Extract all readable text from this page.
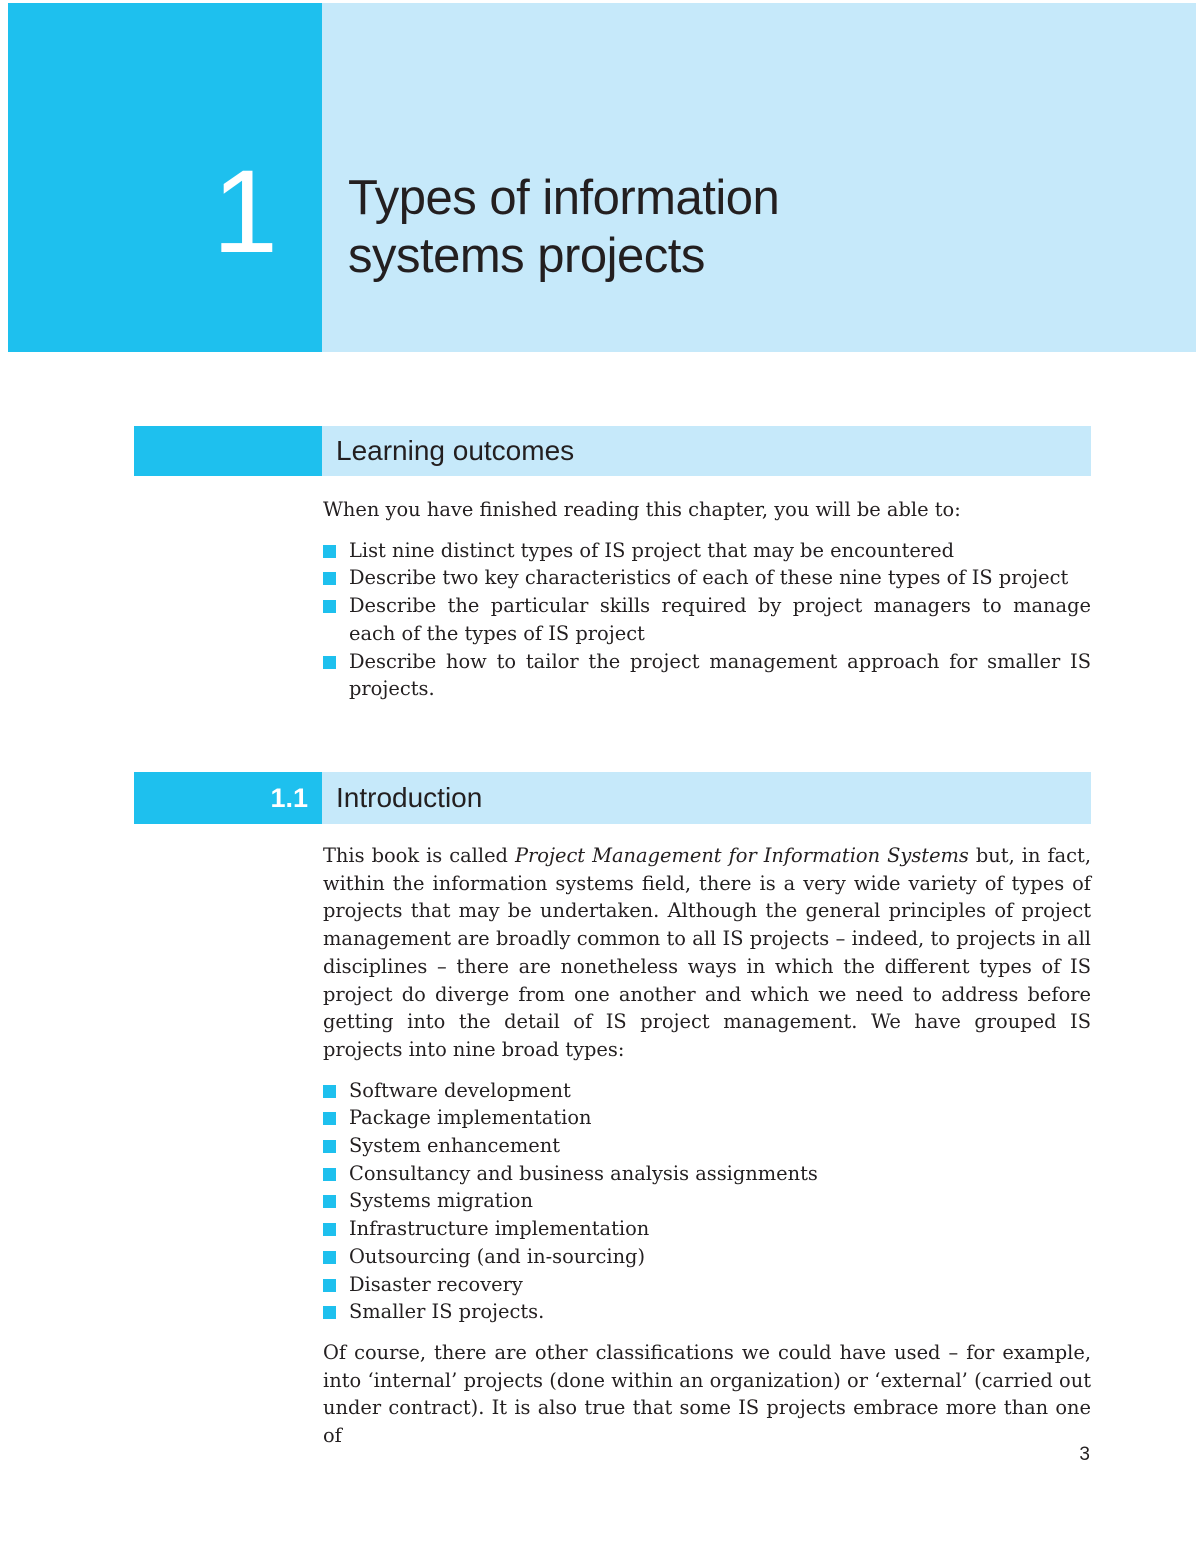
1 Types of information
systems projects
Learning outcomes

When you have finished reading this chapter, you will be able to:

List nine distinct types of IS project that may be encountered
Describe two key characteristics of each of these nine types of IS project
Describe the particular skills required by project managers to manage each of the types of IS project
Describe how to tailor the project management approach for smaller IS projects.
1.1 Introduction

This book is called Project Management for Information Systems but, in fact, within the information systems field, there is a very wide variety of types of projects that may be undertaken. Although the general principles of project management are broadly common to all IS projects – indeed, to projects in all disciplines – there are nonetheless ways in which the different types of IS project do diverge from one another and which we need to address before getting into the detail of IS project management. We have grouped IS projects into nine broad types:

Software development
Package implementation
System enhancement
Consultancy and business analysis assignments
Systems migration
Infrastructure implementation
Outsourcing (and in-sourcing)
Disaster recovery
Smaller IS projects.

Of course, there are other classifications we could have used – for example, into ‘internal’ projects (done within an organization) or ‘external’ (carried out under contract). It is also true that some IS projects embrace more than one of

3
